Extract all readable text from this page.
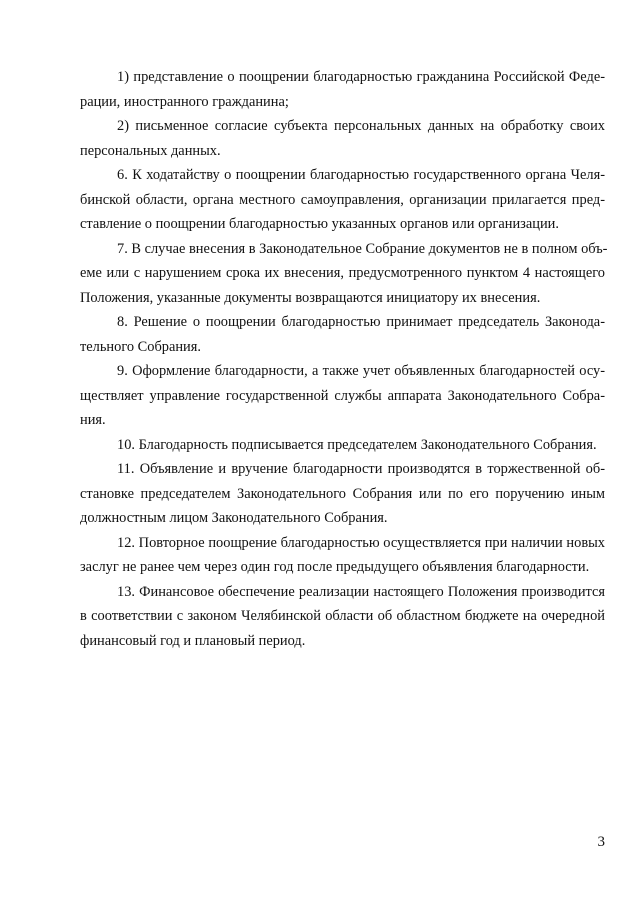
1) представление о поощрении благодарностью гражданина Российской Феде-
рации, иностранного гражданина;
2) письменное согласие субъекта персональных данных на обработку своих
персональных данных.
6. К ходатайству о поощрении благодарностью государственного органа Челя-
бинской области, органа местного самоуправления, организации прилагается пред-
ставление о поощрении благодарностью указанных органов или организации.
7. В случае внесения в Законодательное Собрание документов не в полном объ-
еме или с нарушением срока их внесения, предусмотренного пунктом 4 настоящего
Положения, указанные документы возвращаются инициатору их внесения.
8. Решение о поощрении благодарностью принимает председатель Законода-
тельного Собрания.
9. Оформление благодарности, а также учет объявленных благодарностей осу-
ществляет управление государственной службы аппарата Законодательного Собра-
ния.
10. Благодарность подписывается председателем Законодательного Собрания.
11. Объявление и вручение благодарности производятся в торжественной об-
становке председателем Законодательного Собрания или по его поручению иным
должностным лицом Законодательного Собрания.
12. Повторное поощрение благодарностью осуществляется при наличии новых
заслуг не ранее чем через один год после предыдущего объявления благодарности.
13. Финансовое обеспечение реализации настоящего Положения производится
в соответствии с законом Челябинской области об областном бюджете на очередной
финансовый год и плановый период.
3
